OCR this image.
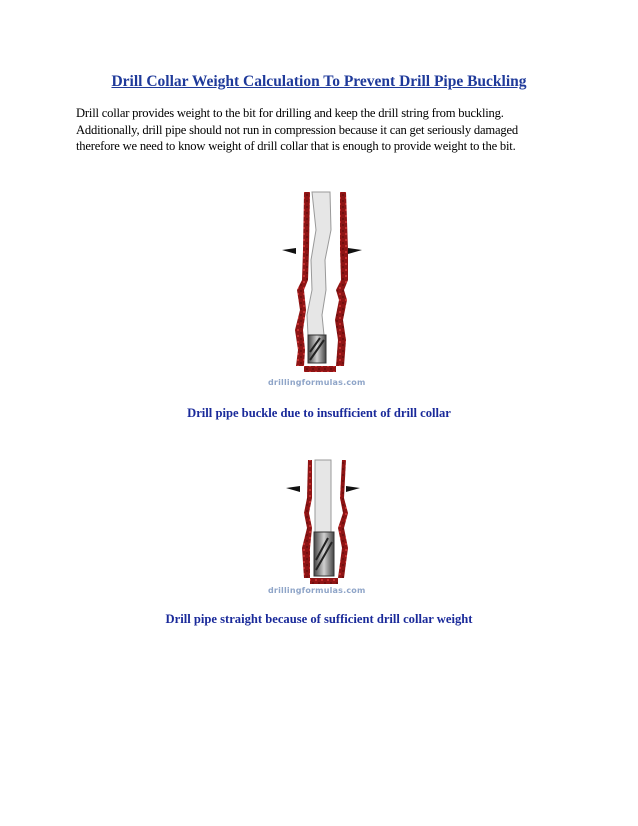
Drill Collar Weight Calculation To Prevent Drill Pipe Buckling

Drill collar provides weight to the bit for drilling and keep the drill string from buckling.

Additionally, drill pipe should not run in compression because it can get seriously damaged

therefore we need to know weight of drill collar that is enough to provide weight to the bit.

drillingformulas.com
Drill pipe buckle due to insufficient of drill collar
drillingformulas.com
Drill pipe straight because of sufficient drill collar weight
